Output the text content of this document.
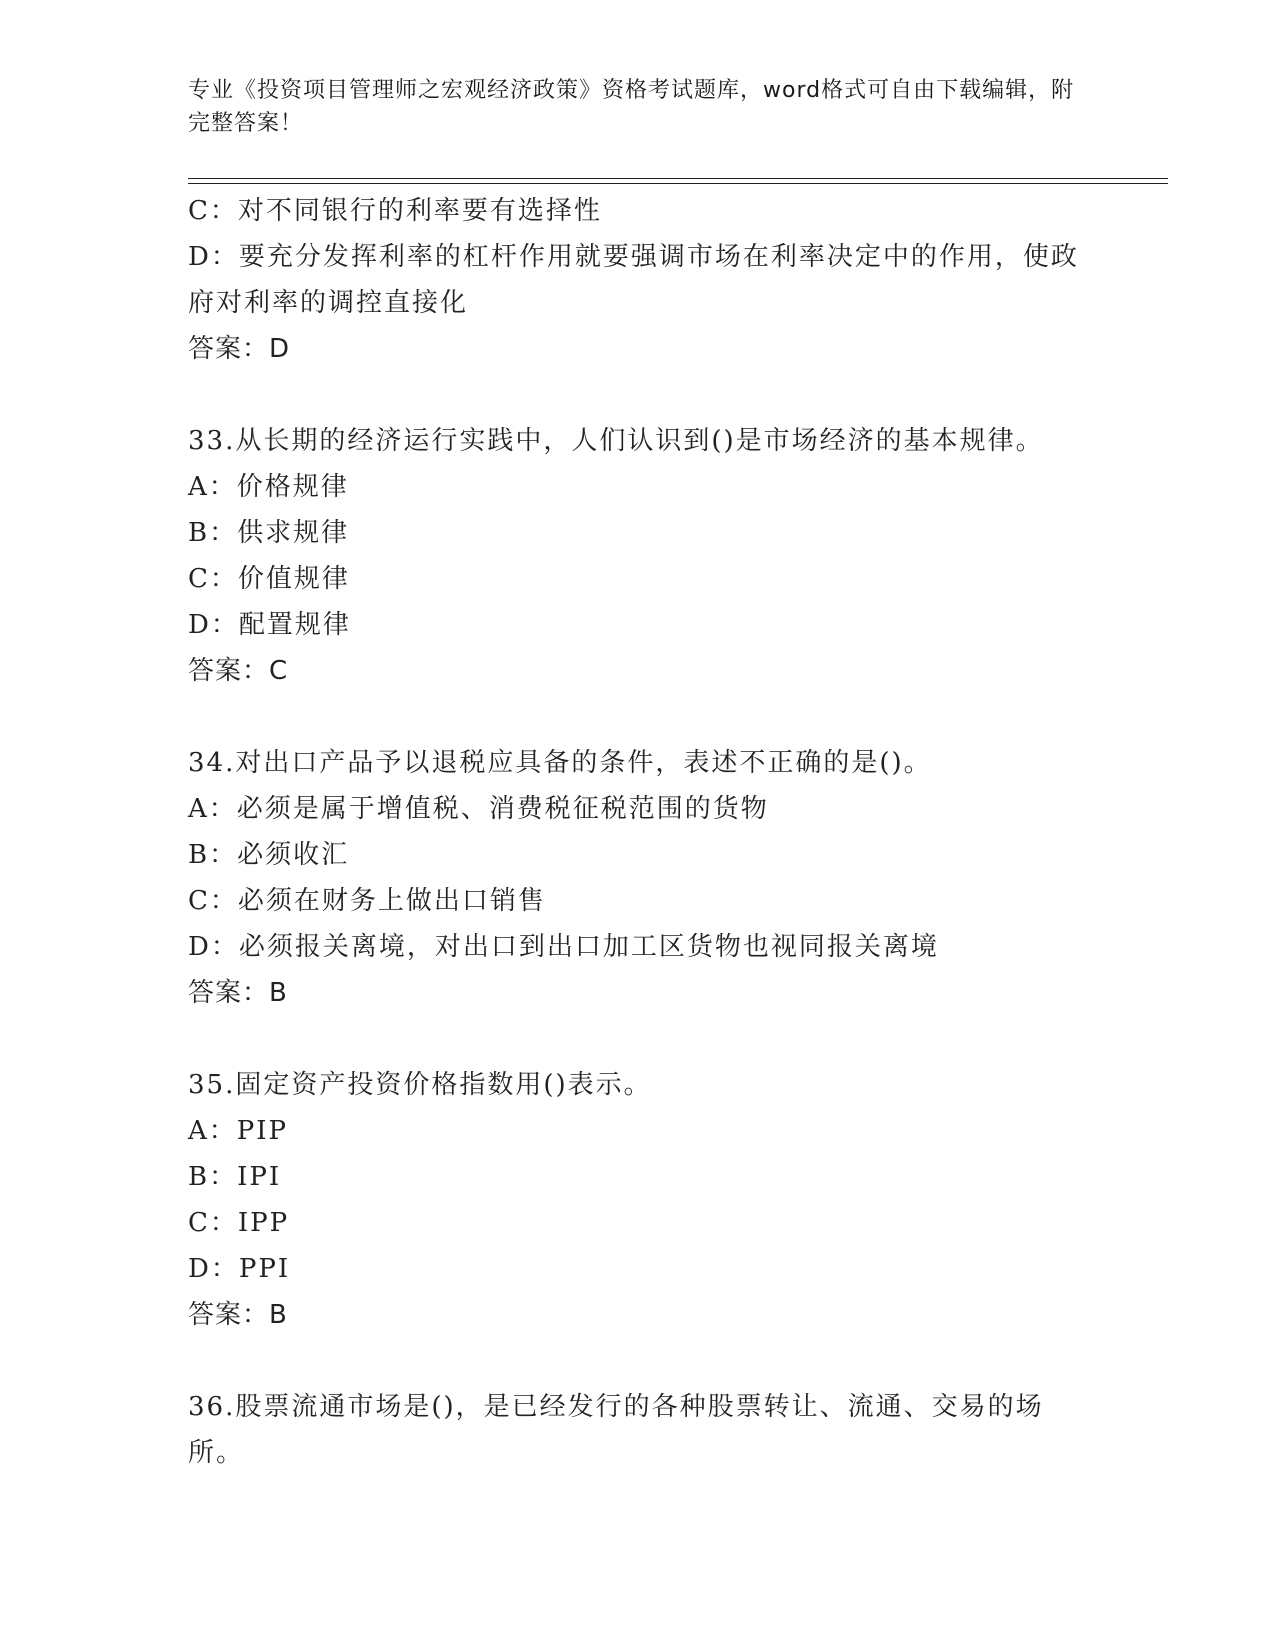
专业《投资项目管理师之宏观经济政策》资格考试题库，word格式可自由下载编辑，附完整答案！
C：对不同银行的利率要有选择性
D：要充分发挥利率的杠杆作用就要强调市场在利率决定中的作用，使政府对利率的调控直接化
答案：D
33.从长期的经济运行实践中，人们认识到()是市场经济的基本规律。
A：价格规律
B：供求规律
C：价值规律
D：配置规律
答案：C
34.对出口产品予以退税应具备的条件，表述不正确的是()。
A：必须是属于增值税、消费税征税范围的货物
B：必须收汇
C：必须在财务上做出口销售
D：必须报关离境，对出口到出口加工区货物也视同报关离境
答案：B
35.固定资产投资价格指数用()表示。
A：PIP
B：IPI
C：IPP
D：PPI
答案：B
36.股票流通市场是()，是已经发行的各种股票转让、流通、交易的场所。
